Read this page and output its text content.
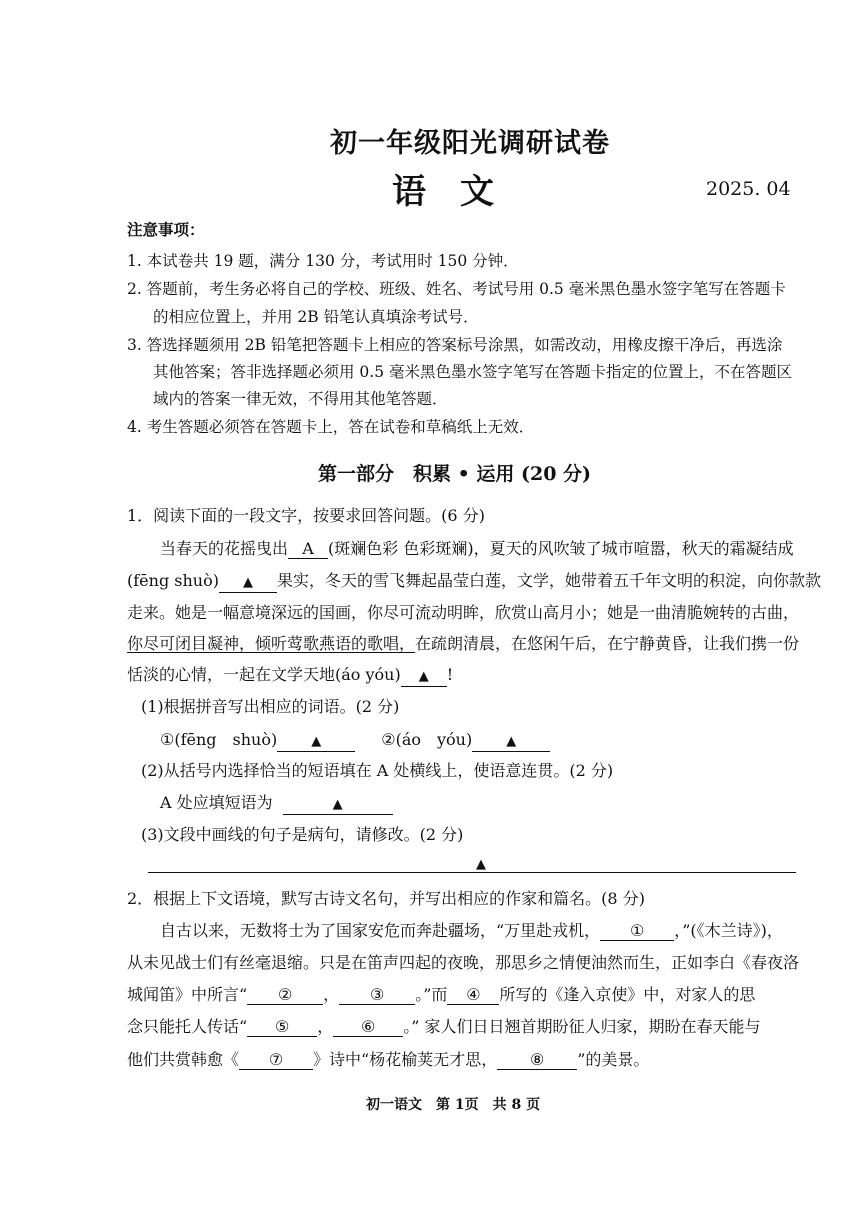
初一年级阳光调研试卷
语　文	2025. 04
注意事项：
1. 本试卷共 19 题，满分 130 分，考试用时 150 分钟．
2. 答题前，考生务必将自己的学校、班级、姓名、考试号用 0.5 毫米黑色墨水签字笔写在答题卡
的相应位置上，并用 2B 铅笔认真填涂考试号．
3. 答选择题须用 2B 铅笔把答题卡上相应的答案标号涂黑，如需改动，用橡皮擦干净后，再选涂
其他答案；答非选择题必须用 0.5 毫米黑色墨水签字笔写在答题卡指定的位置上，不在答题区
域内的答案一律无效，不得用其他笔答题．
4. 考生答题必须答在答题卡上，答在试卷和草稿纸上无效．
第一部分　积累 • 运用 (20 分)
1．阅读下面的一段文字，按要求回答问题。(6 分)
当春天的花摇曳出 A (斑斓色彩 色彩斑斓)，夏天的风吹皱了城市喧嚣，秋天的霜凝结成
(fēng shuò) ▲ 果实，冬天的雪飞舞起晶莹白莲，文学，她带着五千年文明的积淀，向你款款
走来。她是一幅意境深远的国画，你尽可流动明眸，欣赏山高月小；她是一曲清脆婉转的古曲，
你尽可闭目凝神，倾听莺歌燕语的歌唱，在疏朗清晨，在悠闲午后，在宁静黄昏，让我们携一份
恬淡的心情，一起在文学天地(áo yóu) ▲ !
(1)根据拼音写出相应的词语。(2 分)
①(fēng　shuò)	▲	②(áo　yóu)	▲
(2)从括号内选择恰当的短语填在 A 处横线上，使语意连贯。(2 分)
A 处应填短语为	▲
(3)文段中画线的句子是病句，请修改。(2 分)
▲
2．根据上下文语境，默写古诗文名句，并写出相应的作家和篇名。(8 分)
自古以来，无数将士为了国家安危而奔赴疆场，“万里赴戎机， ① ，”(《木兰诗》)，
从未见战士们有丝毫退缩。只是在笛声四起的夜晚，那思乡之情便油然而生，正如李白《春夜洛
城闻笛》中所言“ ② ， ③ 。”而 ④ 所写的《逢入京使》中，对家人的思
念只能托人传话“ ⑤ ， ⑥ 。” 家人们日日翘首期盼征人归家，期盼在春天能与
他们共赏韩愈《 ⑦ 》诗中“杨花榆荚无才思， ⑧ ”的美景。
初一语文　第 1页　共 8 页
